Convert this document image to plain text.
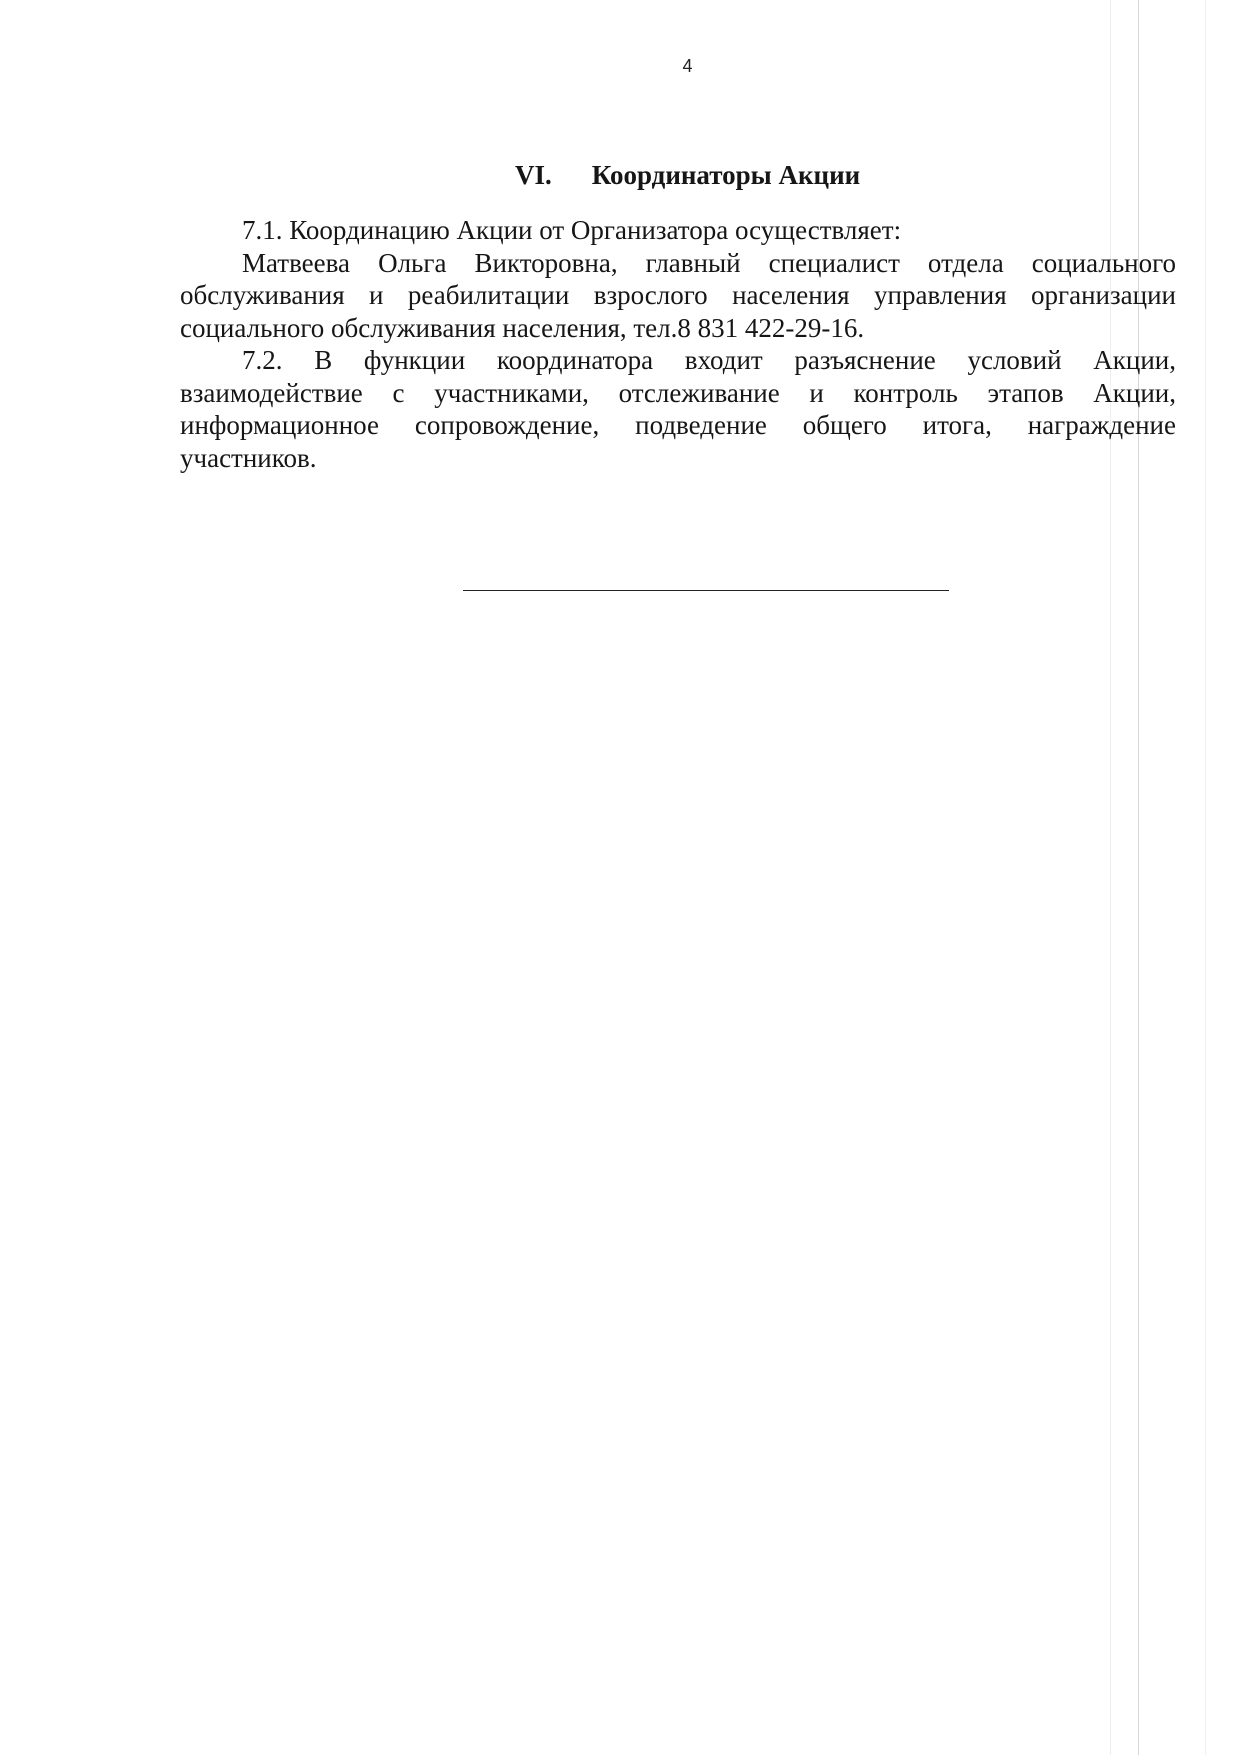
4
VI. Координаторы Акции
7.1. Координацию Акции от Организатора осуществляет:
Матвеева Ольга Викторовна, главный специалист отдела социального
обслуживания и реабилитации взрослого населения управления организации
социального обслуживания населения, тел.8 831 422-29-16.
7.2. В функции координатора входит разъяснение условий Акции,
взаимодействие с участниками, отслеживание и контроль этапов Акции,
информационное сопровождение, подведение общего итога, награждение
участников.
